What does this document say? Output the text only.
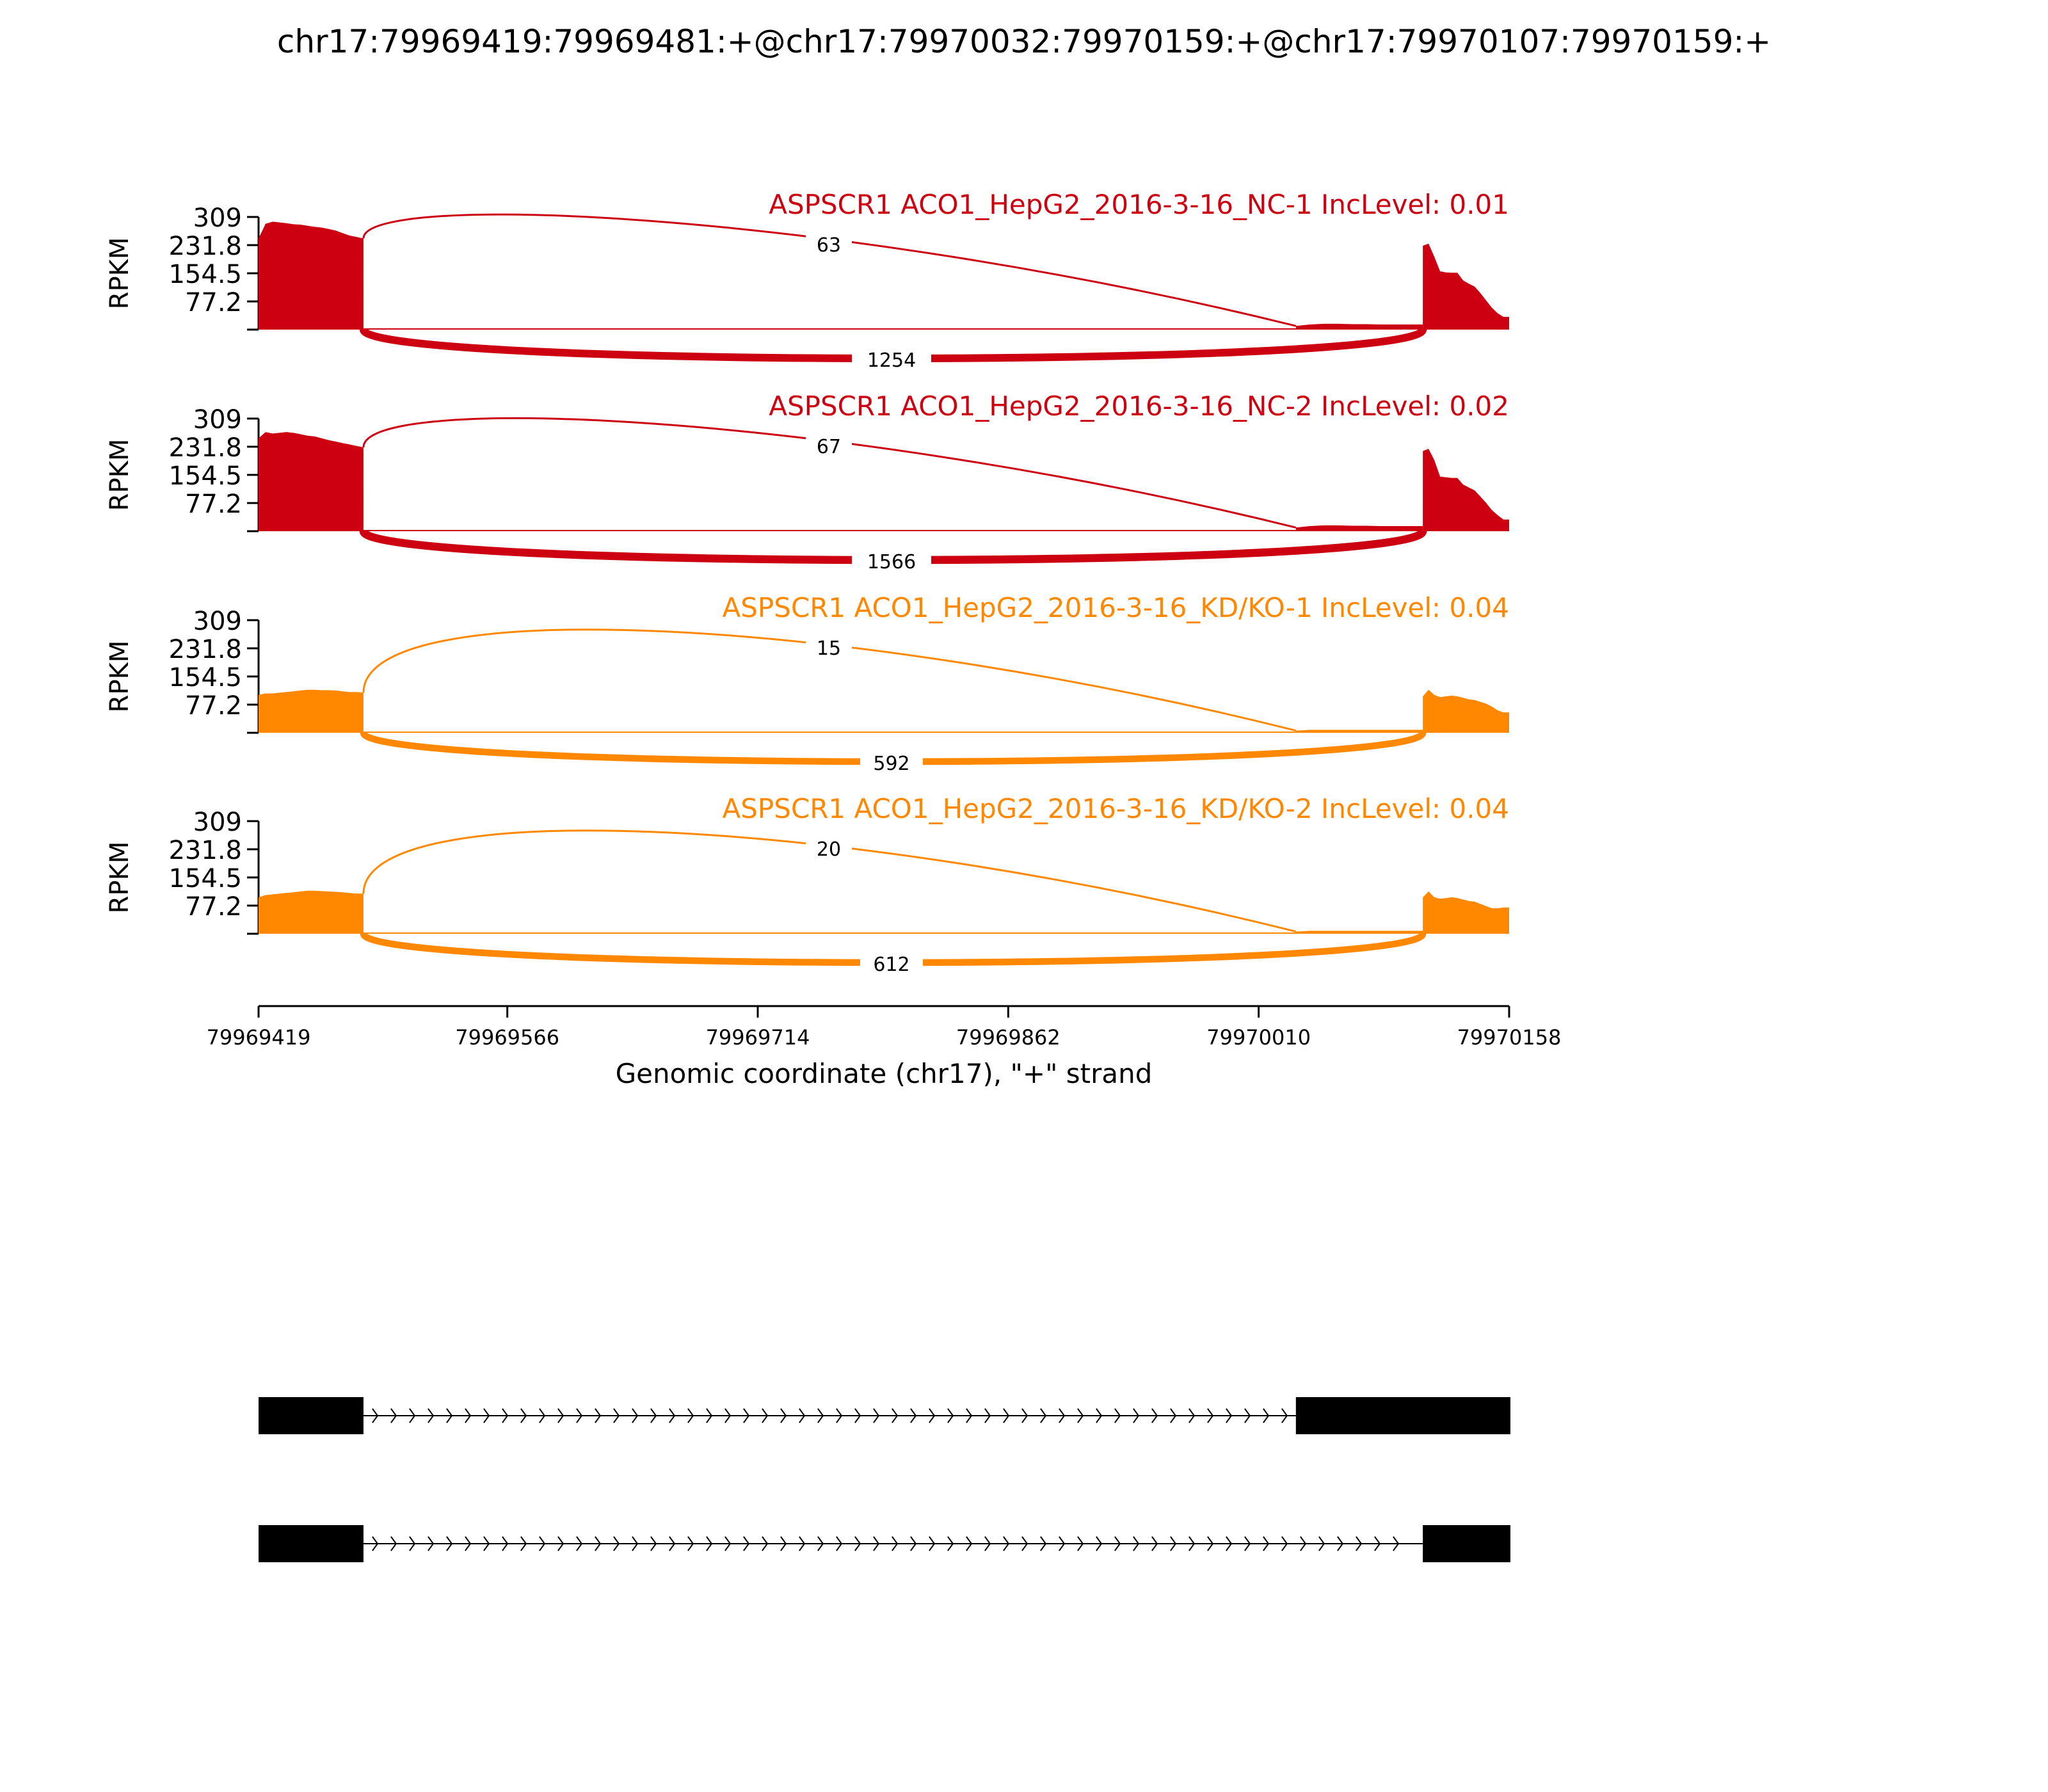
chr17:79969419:79969481:+@chr17:79970032:79970159:+@chr17:79970107:79970159:+
309
231.8
154.5
77.2
RPKM	63
1254
ASPSCR1 ACO1_HepG2_2016-3-16_NC-1 IncLevel: 0.01
309
231.8
154.5
77.2
RPKM	67
1566
ASPSCR1 ACO1_HepG2_2016-3-16_NC-2 IncLevel: 0.02
309
231.8
154.5
77.2
RPKM	15
592
ASPSCR1 ACO1_HepG2_2016-3-16_KD/KO-1 IncLevel: 0.04
309
231.8
154.5
77.2
RPKM	20
612
ASPSCR1 ACO1_HepG2_2016-3-16_KD/KO-2 IncLevel: 0.04
79969419	79969566	79969714	79969862	79970010	79970158
Genomic coordinate (chr17), "+" strand
